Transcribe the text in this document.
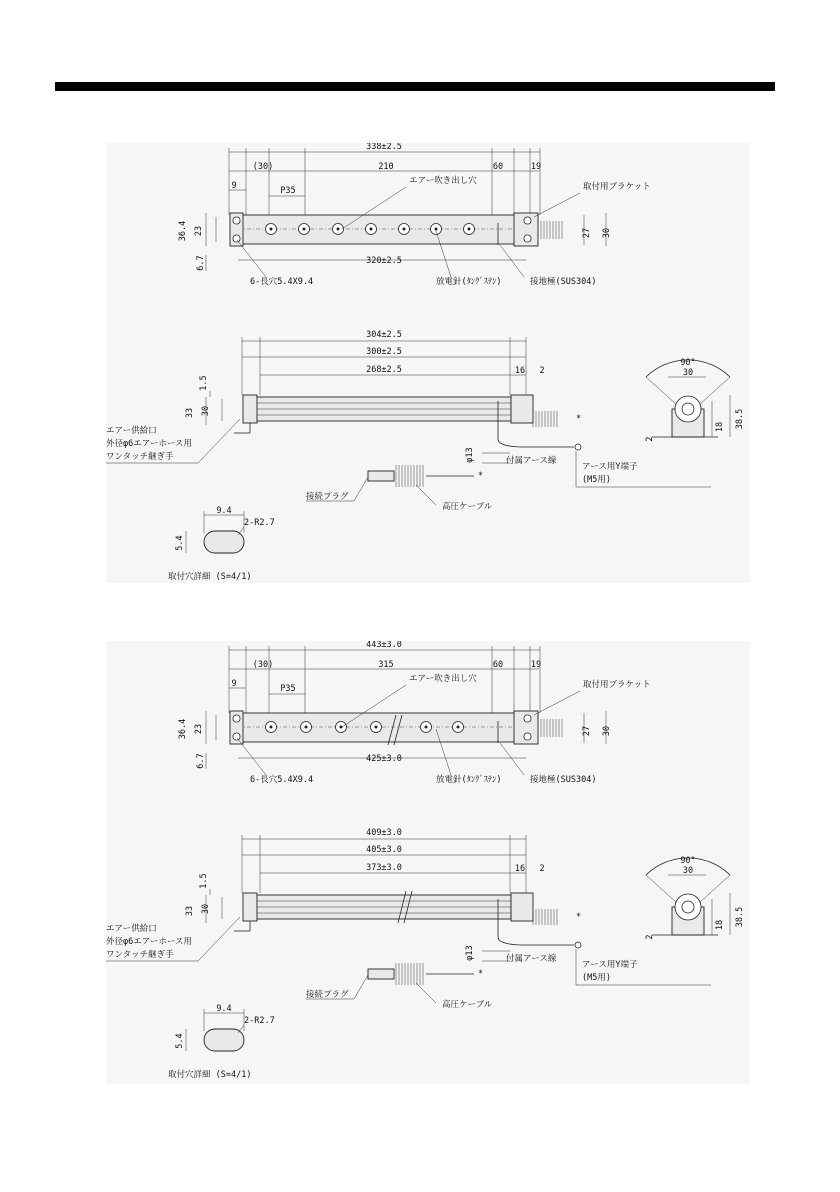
338±2.5
(30)	210	60	19
9	P35
36.4 23
6.7
27 30
320±2.5
エアー吹き出し穴
取付用ブラケット
6-長穴5.4X9.4	放電針(ﾀﾝｸﾞｽﾃﾝ)	接地極(SUS304)
304±2.5
300±2.5
268±2.5	16 2
*
1.5
33 30
エアー供給口
外径φ6エアーホース用
ワンタッチ継ぎ手	φ13	付属アース線
アース用Y端子
(M5用)
*
接続プラグ
高圧ケーブル
90°
30
18 38.5
2
9.4
2-R2.7
5.4
取付穴詳細 (S=4/1)
443±3.0
(30)	315	60	19
9	P35
36.4 23
6.7
27 30
425±3.0
エアー吹き出し穴
取付用ブラケット
6-長穴5.4X9.4	放電針(ﾀﾝｸﾞｽﾃﾝ)	接地極(SUS304)
409±3.0
405±3.0
373±3.0	16 2
*
1.5
33 30
エアー供給口
外径φ6エアーホース用
ワンタッチ継ぎ手	φ13	付属アース線
アース用Y端子
(M5用)
*
接続プラグ
高圧ケーブル
90°
30
18 38.5
2
9.4
2-R2.7
5.4
取付穴詳細 (S=4/1)
